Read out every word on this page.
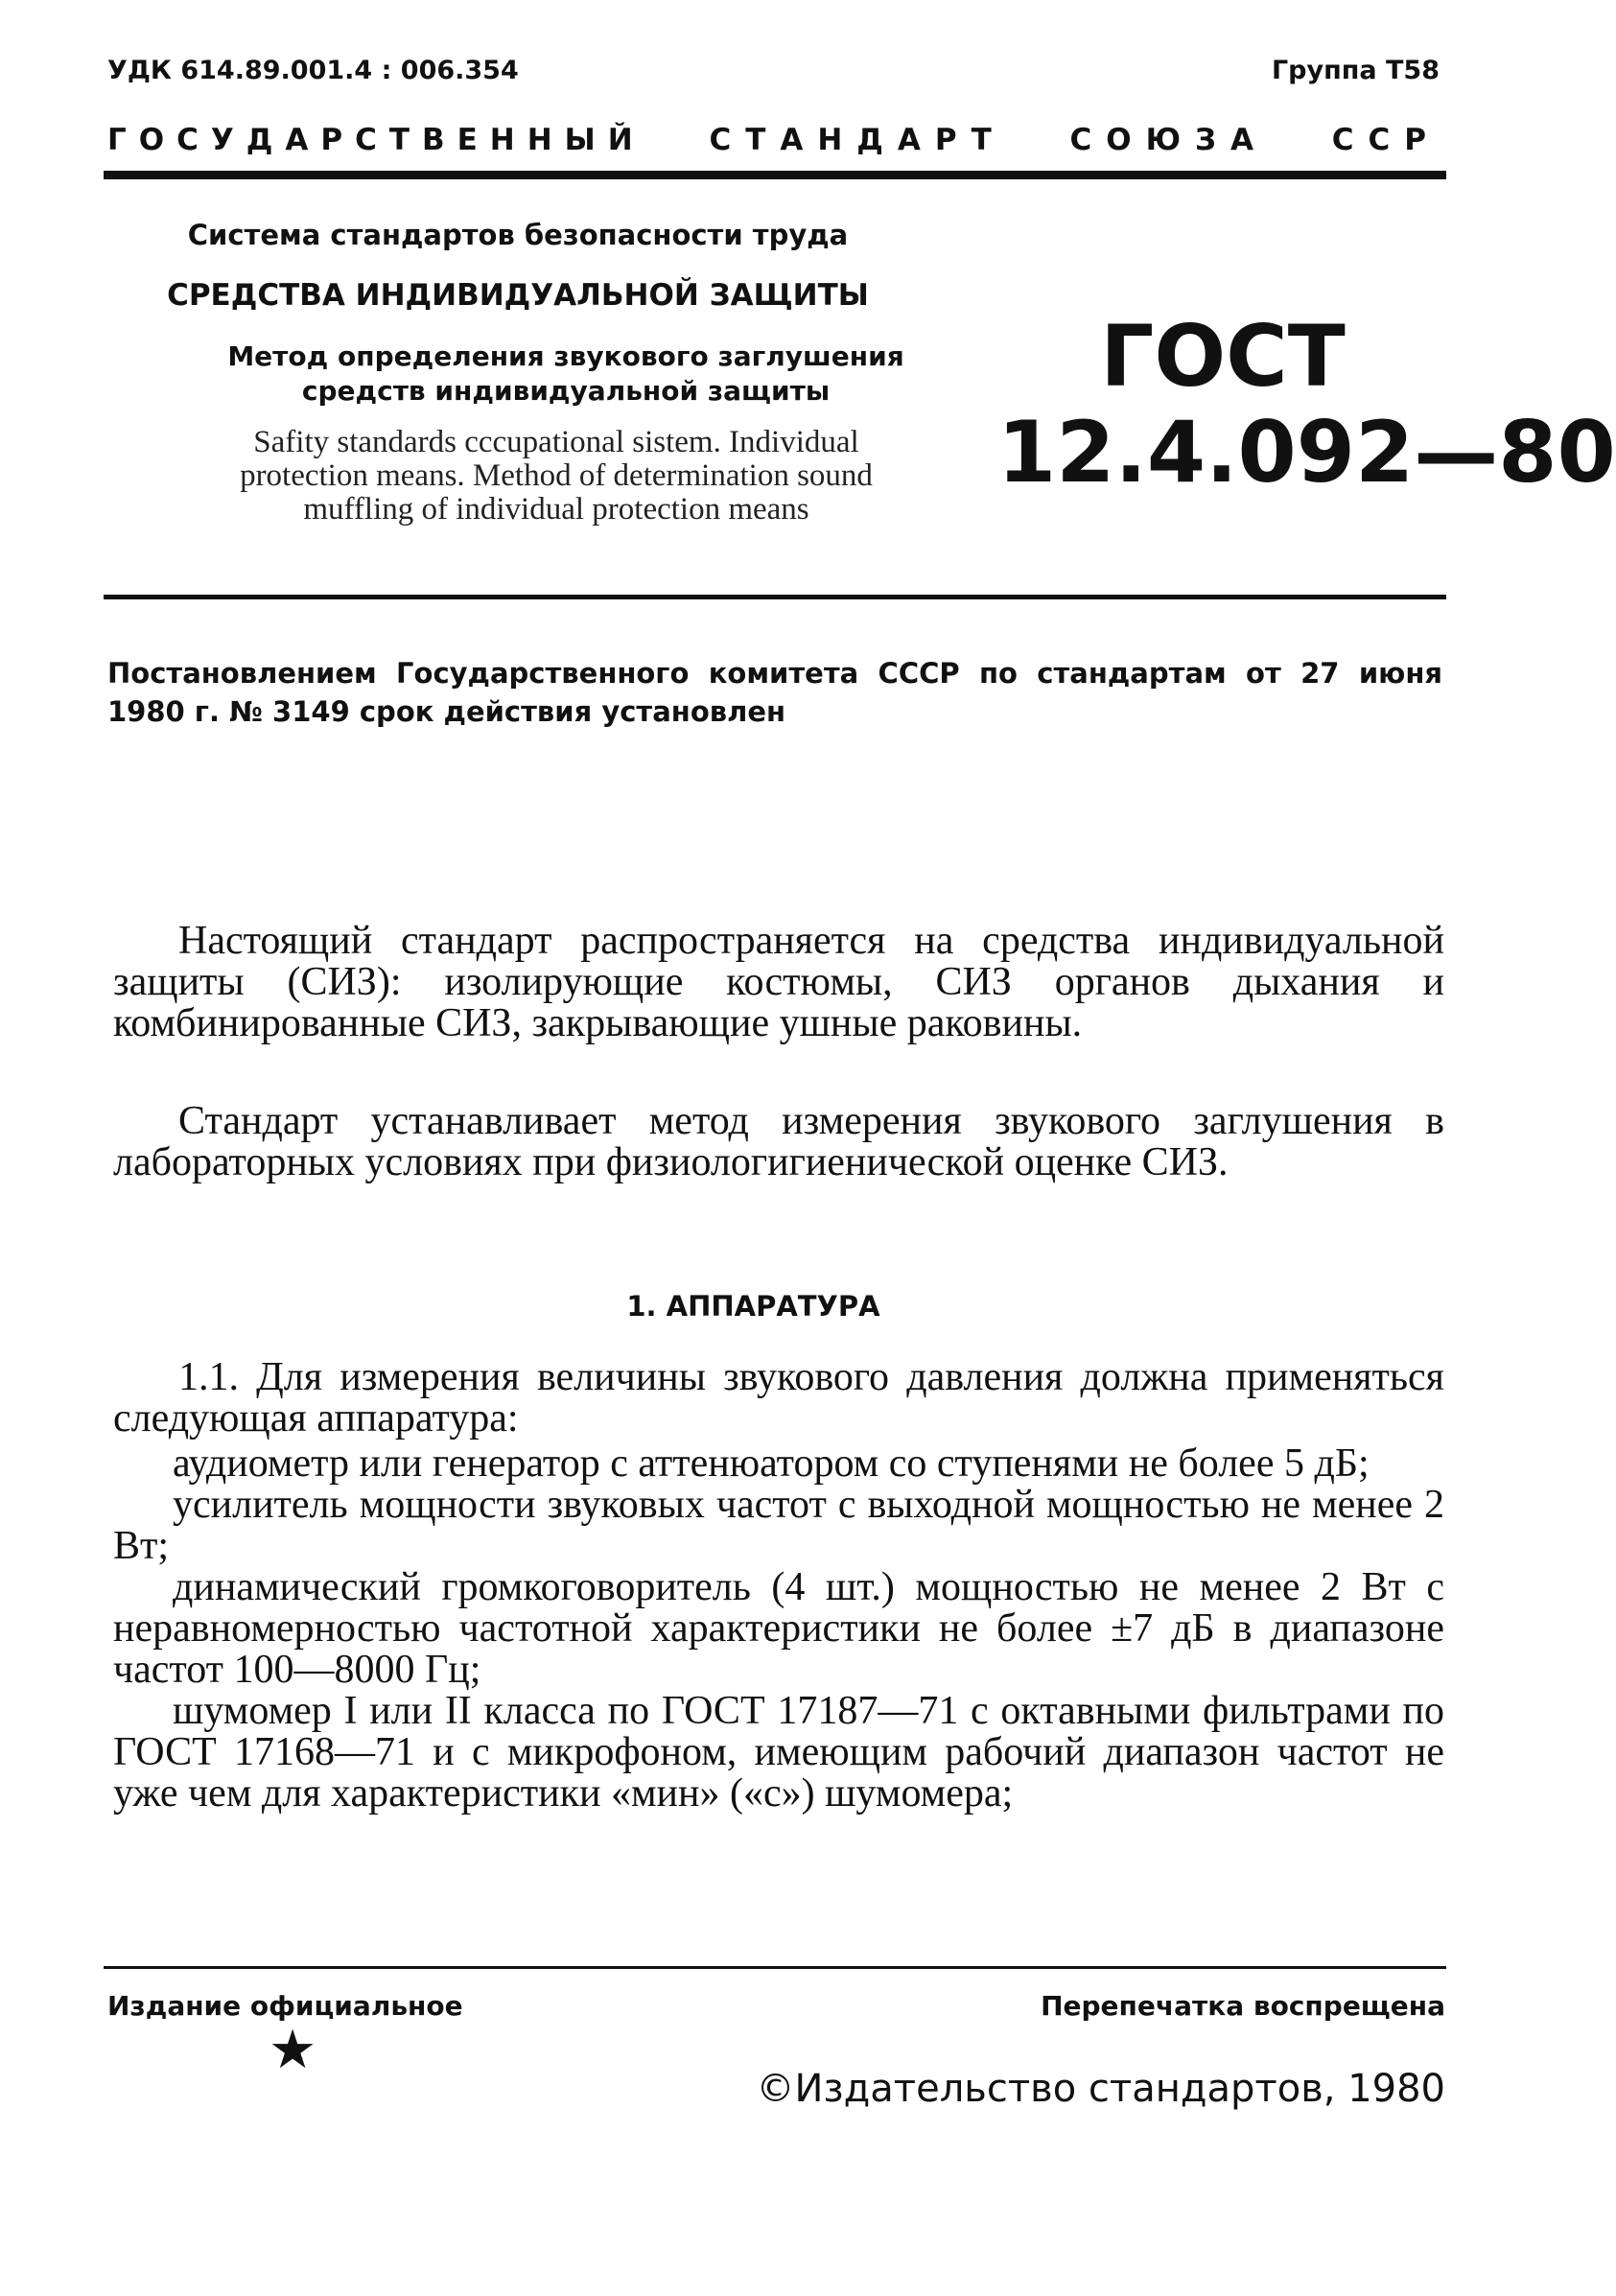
УДК 614.89.001.4 : 006.354	Группа Т58
ГОСУДАРСТВЕННЫЙ СТАНДАРТ СОЮЗА ССР
Система стандартов безопасности труда
СРЕДСТВА ИНДИВИДУАЛЬНОЙ ЗАЩИТЫ
Метод определения звукового заглушения средств индивидуальной защиты
Safity standards cccupational sistem. Individual protection means. Method of determination sound muffling of individual protection means
ГОСТ
12.4.092—80
Постановлением Государственного комитета СССР по стандартам от 27 июня 1980 г. № 3149 срок действия установлен
Настоящий стандарт распространяется на средства индивидуальной защиты (СИЗ): изолирующие костюмы, СИЗ органов дыхания и комбинированные СИЗ, закрывающие ушные раковины.
Стандарт устанавливает метод измерения звукового заглушения в лабораторных условиях при физиологигиенической оценке СИЗ.
1. АППАРАТУРА
1.1. Для измерения величины звукового давления должна применяться следующая аппаратура:

аудиометр или генератор с аттенюатором со ступенями не более 5 дБ;

усилитель мощности звуковых частот с выходной мощностью не менее 2 Вт;

динамический громкоговоритель (4 шт.) мощностью не менее 2 Вт с неравномерностью частотной характеристики не более ±7 дБ в диапазоне частот 100—8000 Гц;

шумомер I или II класса по ГОСТ 17187—71 с октавными фильтрами по ГОСТ 17168—71 и с микрофоном, имеющим рабочий диапазон частот не уже чем для характеристики «мин» («с») шумомера;

Издание официальное	Перепечатка воспрещена
★
©Издательство стандартов, 1980
